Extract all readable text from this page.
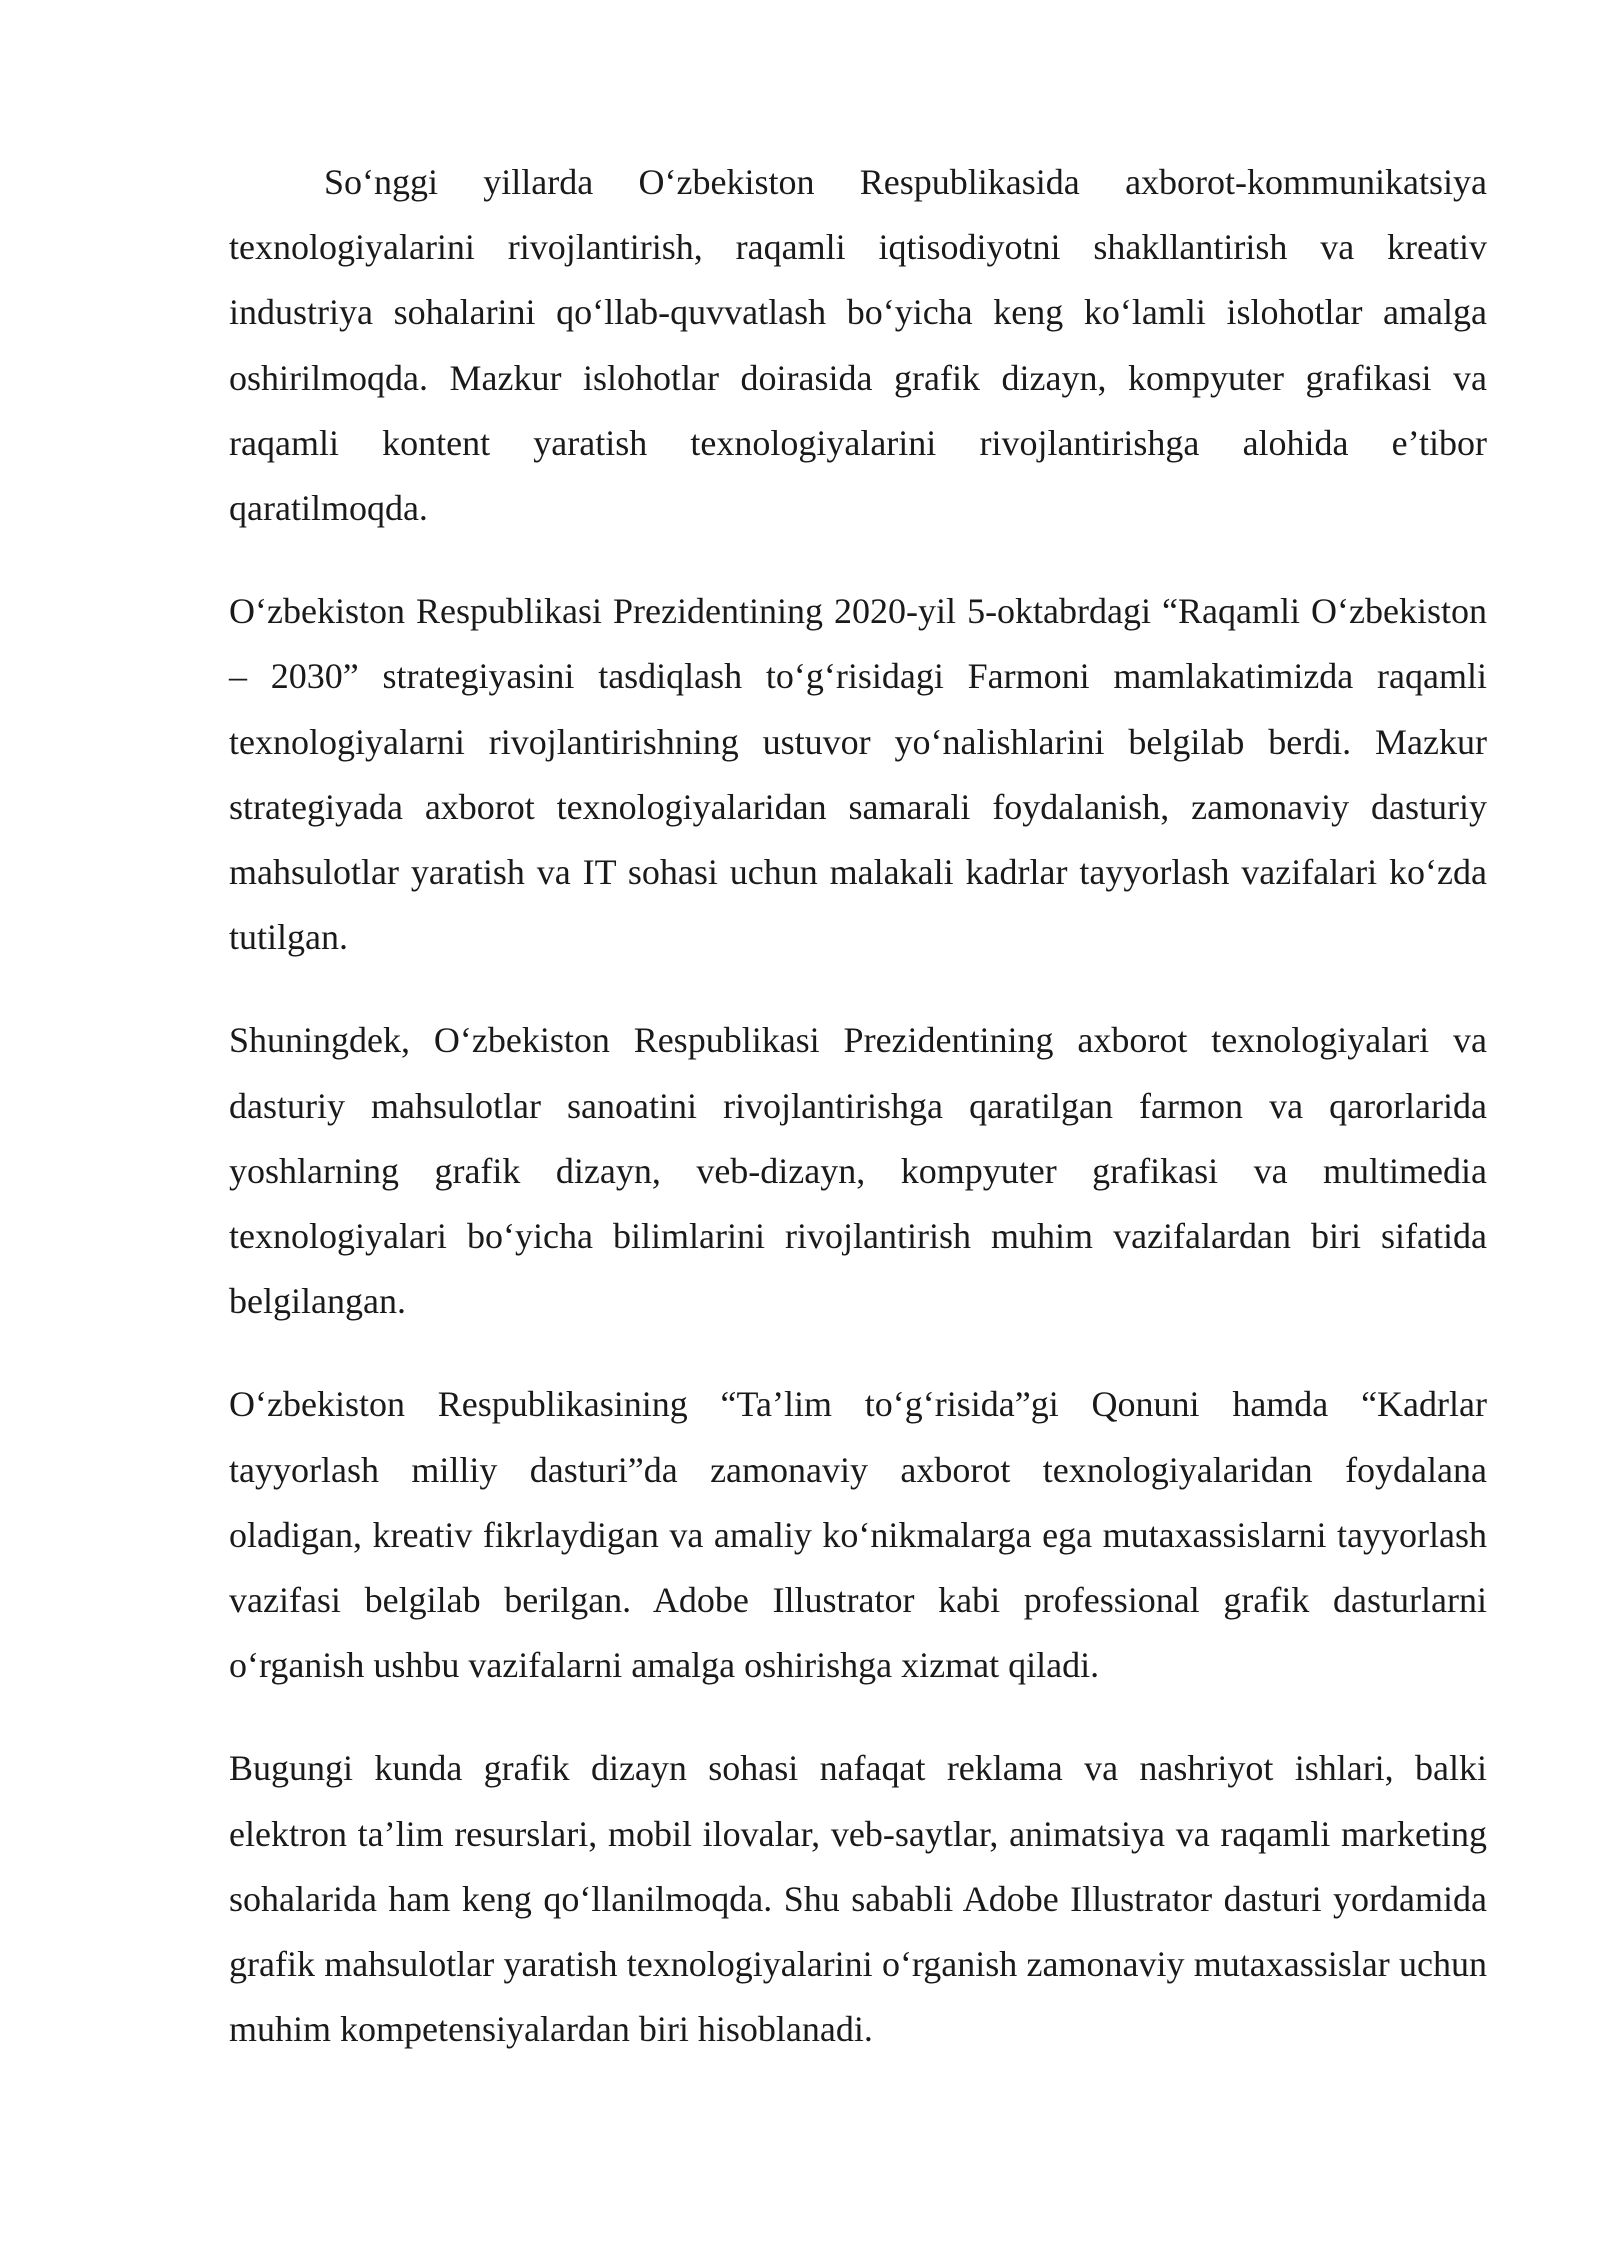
So‘nggi yillarda O‘zbekiston Respublikasida axborot-kommunikatsiya texnologiyalarini rivojlantirish, raqamli iqtisodiyotni shakllantirish va kreativ industriya sohalarini qo‘llab-quvvatlash bo‘yicha keng ko‘lamli islohotlar amalga oshirilmoqda. Mazkur islohotlar doirasida grafik dizayn, kompyuter grafikasi va raqamli kontent yaratish texnologiyalarini rivojlantirishga alohida e’tibor qaratilmoqda.

O‘zbekiston Respublikasi Prezidentining 2020-yil 5-oktabrdagi “Raqamli O‘zbekiston – 2030” strategiyasini tasdiqlash to‘g‘risidagi Farmoni mamlakatimizda raqamli texnologiyalarni rivojlantirishning ustuvor yo‘nalishlarini belgilab berdi. Mazkur strategiyada axborot texnologiyalaridan samarali foydalanish, zamonaviy dasturiy mahsulotlar yaratish va IT sohasi uchun malakali kadrlar tayyorlash vazifalari ko‘zda tutilgan.

Shuningdek, O‘zbekiston Respublikasi Prezidentining axborot texnologiyalari va dasturiy mahsulotlar sanoatini rivojlantirishga qaratilgan farmon va qarorlarida yoshlarning grafik dizayn, veb-dizayn, kompyuter grafikasi va multimedia texnologiyalari bo‘yicha bilimlarini rivojlantirish muhim vazifalardan biri sifatida belgilangan.

O‘zbekiston Respublikasining “Ta’lim to‘g‘risida”gi Qonuni hamda “Kadrlar tayyorlash milliy dasturi”da zamonaviy axborot texnologiyalaridan foydalana oladigan, kreativ fikrlaydigan va amaliy ko‘nikmalarga ega mutaxassislarni tayyorlash vazifasi belgilab berilgan. Adobe Illustrator kabi professional grafik dasturlarni o‘rganish ushbu vazifalarni amalga oshirishga xizmat qiladi.

Bugungi kunda grafik dizayn sohasi nafaqat reklama va nashriyot ishlari, balki elektron ta’lim resurslari, mobil ilovalar, veb-saytlar, animatsiya va raqamli marketing sohalarida ham keng qo‘llanilmoqda. Shu sababli Adobe Illustrator dasturi yordamida grafik mahsulotlar yaratish texnologiyalarini o‘rganish zamonaviy mutaxassislar uchun muhim kompetensiyalardan biri hisoblanadi.
